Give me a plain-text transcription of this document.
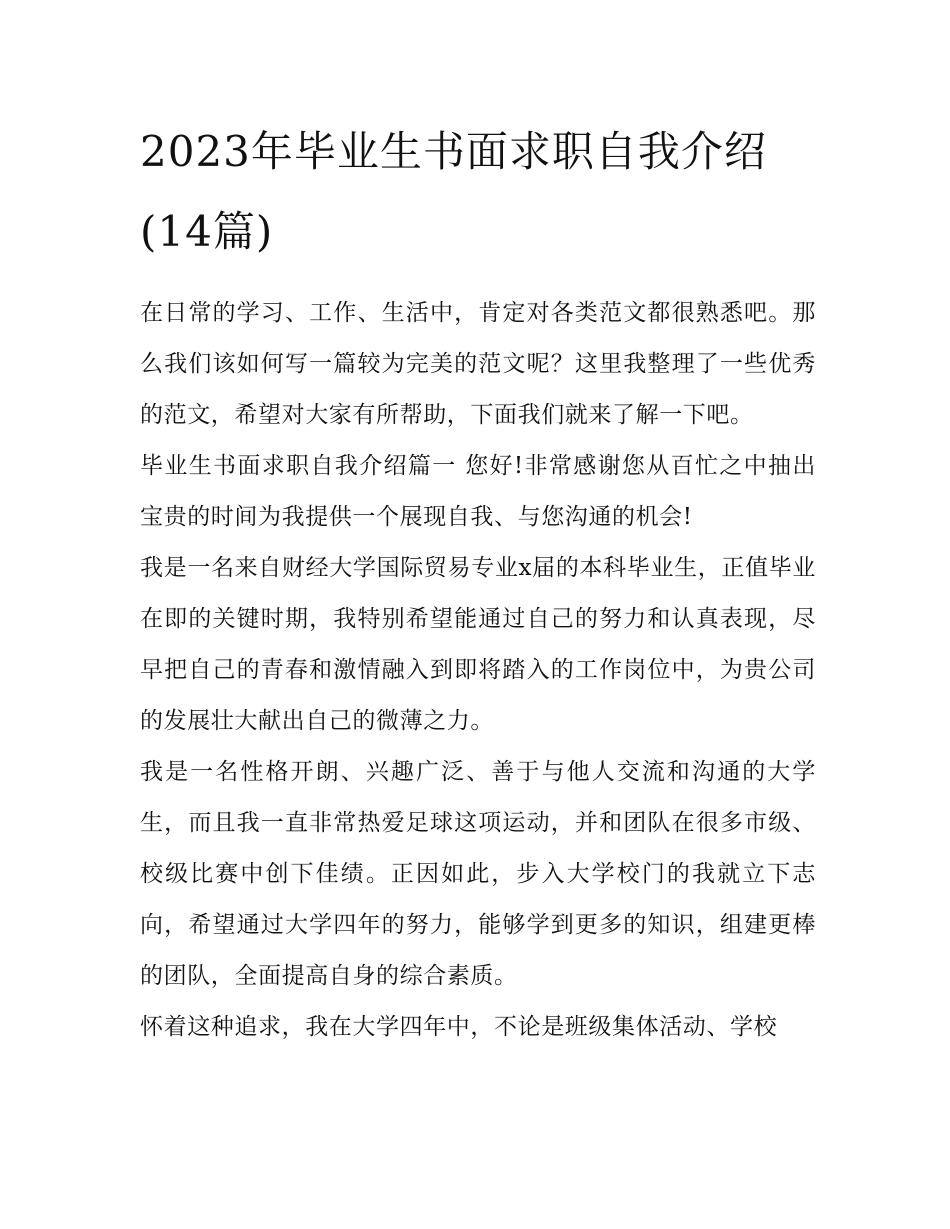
2023年毕业生书面求职自我介绍(14篇)

在日常的学习、工作、生活中，肯定对各类范文都很熟悉吧。那么我们该如何写一篇较为完美的范文呢？这里我整理了一些优秀的范文，希望对大家有所帮助，下面我们就来了解一下吧。

毕业生书面求职自我介绍篇一 您好!非常感谢您从百忙之中抽出宝贵的时间为我提供一个展现自我、与您沟通的机会!

我是一名来自财经大学国际贸易专业x届的本科毕业生，正值毕业在即的关键时期，我特别希望能通过自己的努力和认真表现，尽早把自己的青春和激情融入到即将踏入的工作岗位中，为贵公司的发展壮大献出自己的微薄之力。

我是一名性格开朗、兴趣广泛、善于与他人交流和沟通的大学生，而且我一直非常热爱足球这项运动，并和团队在很多市级、校级比赛中创下佳绩。正因如此，步入大学校门的我就立下志向，希望通过大学四年的努力，能够学到更多的知识，组建更棒的团队，全面提高自身的综合素质。

怀着这种追求，我在大学四年中，不论是班级集体活动、学校
